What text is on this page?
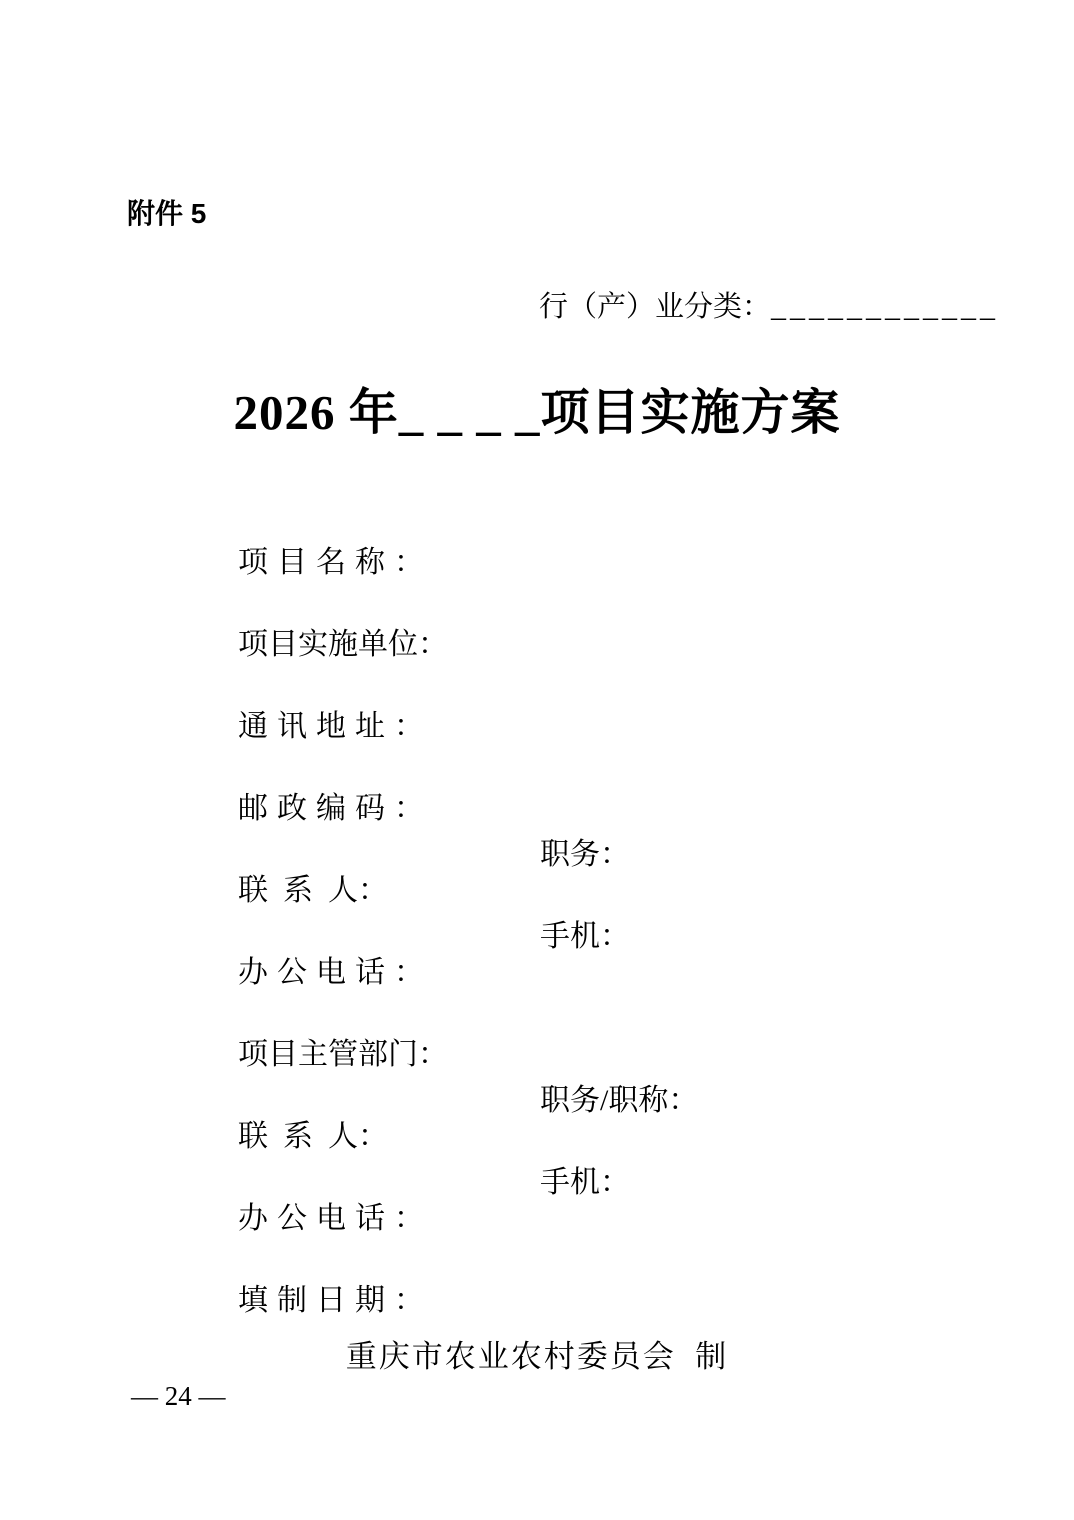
附件 5

行（产）业分类：____________

2026 年_ _ _ _项目实施方案

项目名称：

项目实施单位：

通讯地址：

邮政编码：

联  系  人：

职务：

办公电话：

手机：

项目主管部门：

联  系  人：

职务/职称：

办公电话：

手机：

填制日期：

重庆市农业农村委员会  制
— 24 —
